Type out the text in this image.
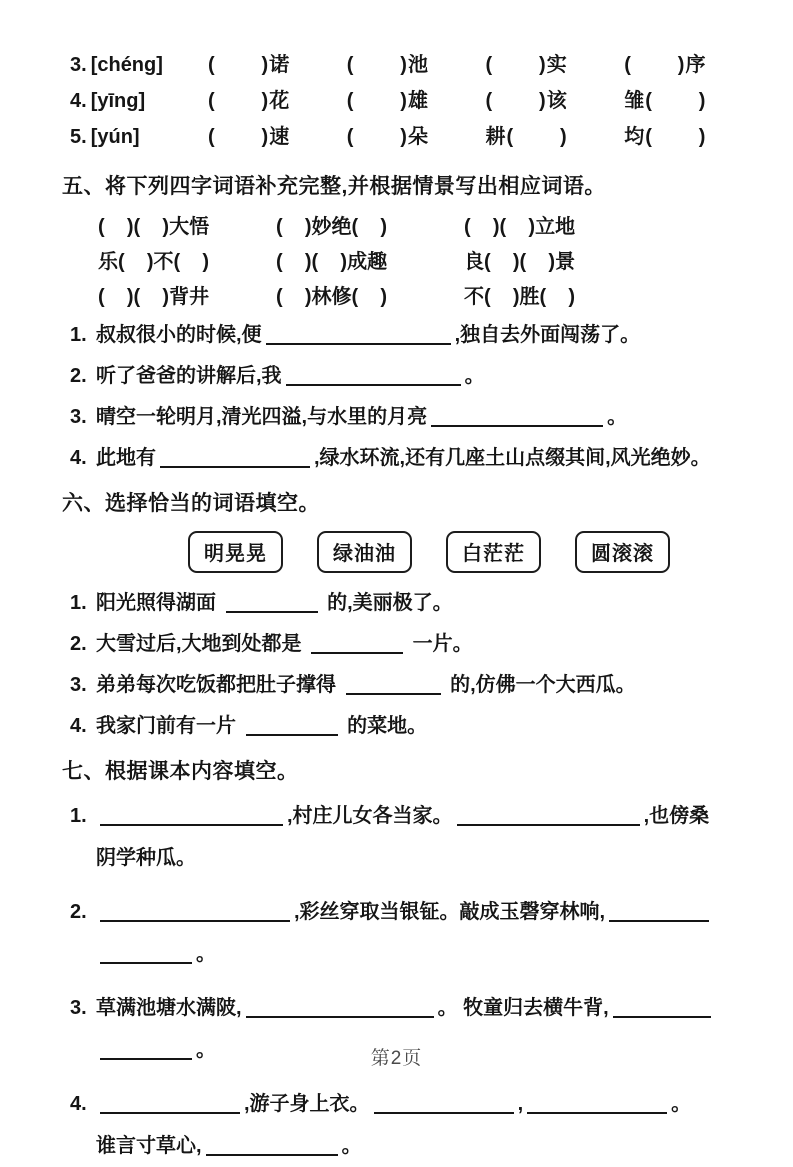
3. [chéng]	(       )诺	(       )池	(       )实	(       )序
4. [yīng]	(       )花	(       )雄	(       )该	雏(       )
5. [yún]	(       )速	(       )朵	耕(       )	均(       )
五、将下列四字词语补充完整,并根据情景写出相应词语。
(    )(    )大悟	(    )妙绝(    )	(    )(    )立地
乐(    )不(    )	(    )(    )成趣	良(    )(    )景
(    )(    )背井	(    )林修(    )	不(    )胜(    )
1. 叔叔很小的时候,便	,独自去外面闯荡了。
2. 听了爸爸的讲解后,我	。
3. 晴空一轮明月,清光四溢,与水里的月亮	。
4. 此地有	,绿水环流,还有几座土山点缀其间,风光绝妙。
六、选择恰当的词语填空。
明晃晃	绿油油	白茫茫	圆滚滚
1. 阳光照得湖面	的,美丽极了。
2. 大雪过后,大地到处都是	一片。
3. 弟弟每次吃饭都把肚子撑得	的,仿佛一个大西瓜。
4. 我家门前有一片	的菜地。
七、根据课本内容填空。
1.	,村庄儿女各当家。	,也傍桑
阴学种瓜。
2.	,彩丝穿取当银钲。敲成玉磬穿林响,
。
3. 草满池塘水满陂,	。 牧童归去横牛背,
。
4.	,游子身上衣。	,	。
谁言寸草心,	。
第2页
